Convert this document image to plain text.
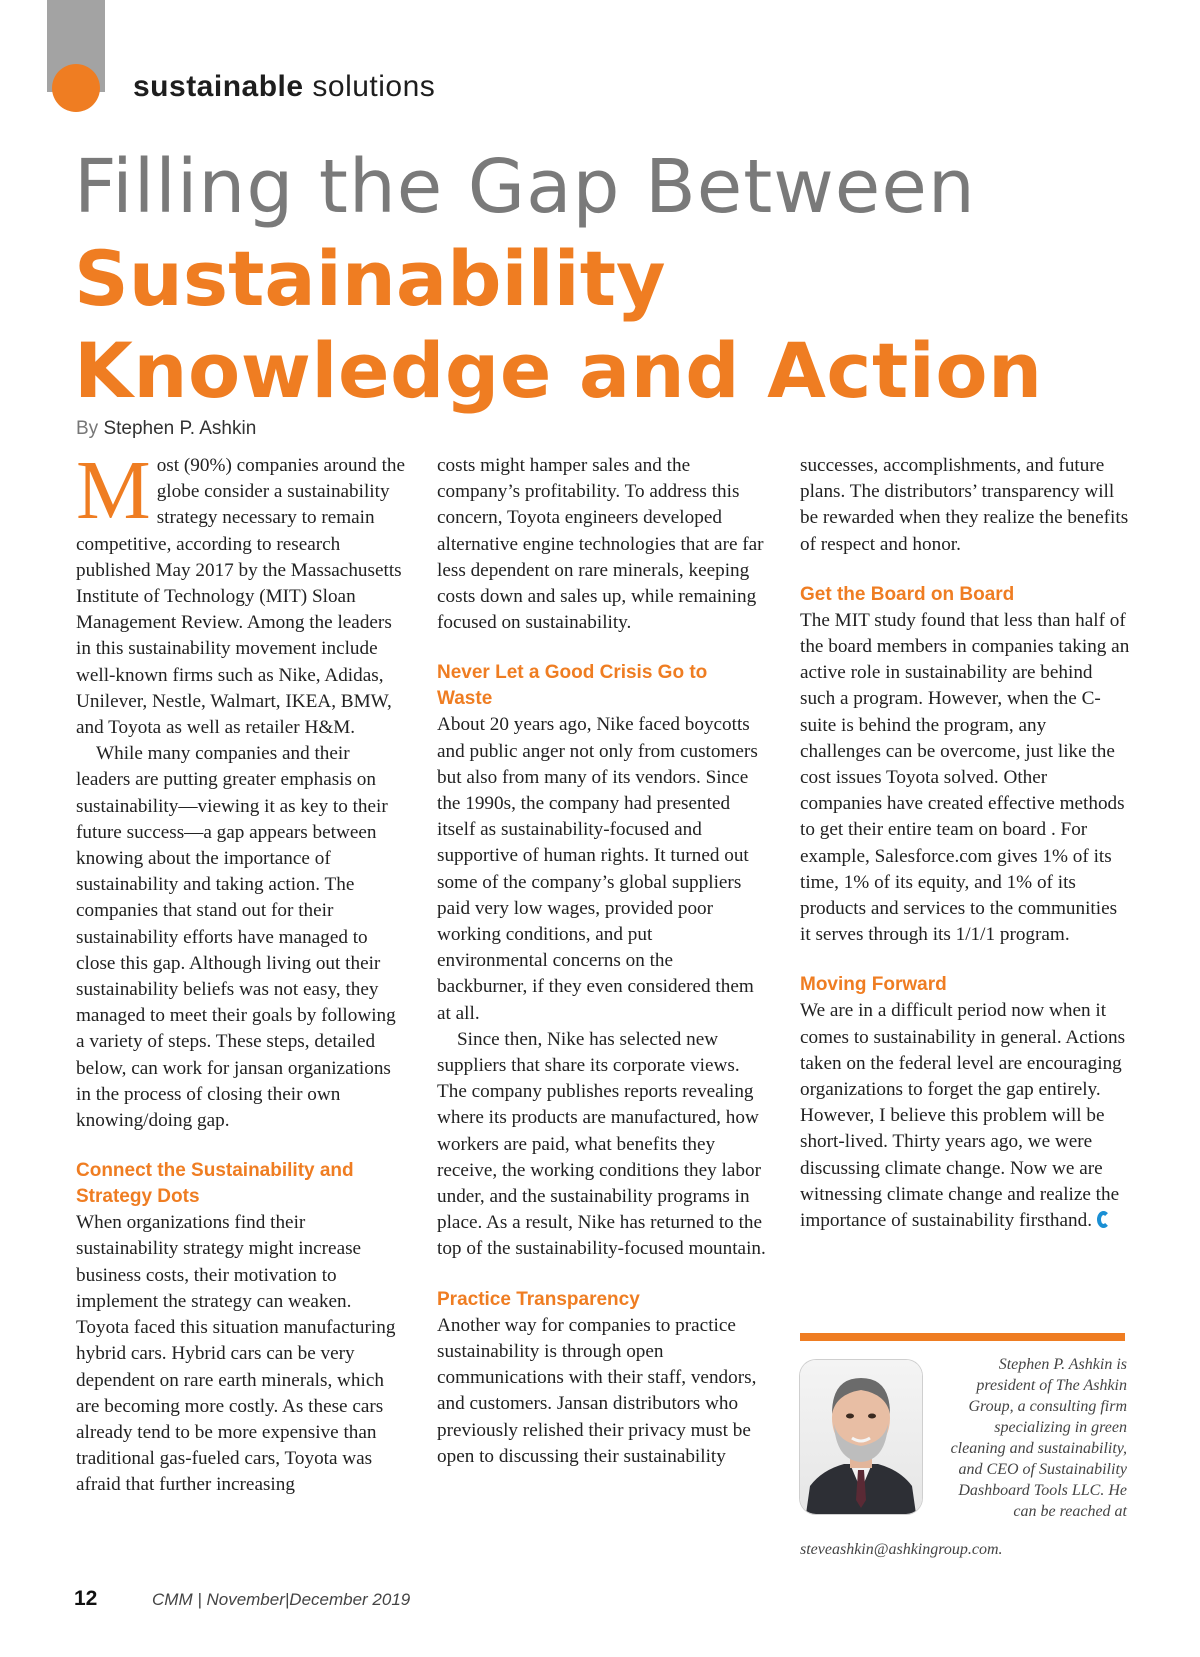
sustainable solutions
Filling the Gap Between
Sustainability
Knowledge and Action
By Stephen P. Ashkin

Most (90%) companies around the globe consider a sustainability strategy necessary to remain competitive, according to research published May 2017 by the Massachusetts Institute of Technology (MIT) Sloan Management Review. Among the leaders in this sustainability movement include well-known firms such as Nike, Adidas, Unilever, Nestle, Walmart, IKEA, BMW, and Toyota as well as retailer H&M.

While many companies and their leaders are putting greater emphasis on sustainability—viewing it as key to their future success—a gap appears between knowing about the importance of sustainability and taking action. The companies that stand out for their sustainability efforts have managed to close this gap. Although living out their sustainability beliefs was not easy, they managed to meet their goals by following a variety of steps. These steps, detailed below, can work for jansan organizations in the process of closing their own knowing/doing gap.

Connect the Sustainability and Strategy Dots

When organizations find their sustainability strategy might increase business costs, their motivation to implement the strategy can weaken. Toyota faced this situation manufacturing hybrid cars. Hybrid cars can be very dependent on rare earth minerals, which are becoming more costly. As these cars already tend to be more expensive than traditional gas-fueled cars, Toyota was afraid that further increasing

costs might hamper sales and the company’s profitability. To address this concern, Toyota engineers developed alternative engine technologies that are far less dependent on rare minerals, keeping costs down and sales up, while remaining focused on sustainability.

Never Let a Good Crisis Go to Waste

About 20 years ago, Nike faced boycotts and public anger not only from customers but also from many of its vendors. Since the 1990s, the company had presented itself as sustainability-focused and supportive of human rights. It turned out some of the company’s global suppliers paid very low wages, provided poor working conditions, and put environmental concerns on the backburner, if they even considered them at all.

Since then, Nike has selected new suppliers that share its corporate views. The company publishes reports revealing where its products are manufactured, how workers are paid, what benefits they receive, the working conditions they labor under, and the sustainability programs in place. As a result, Nike has returned to the top of the sustainability-focused mountain.

Practice Transparency

Another way for companies to practice sustainability is through open communications with their staff, vendors, and customers. Jansan distributors who previously relished their privacy must be open to discussing their sustainability

successes, accomplishments, and future plans. The distributors’ transparency will be rewarded when they realize the benefits of respect and honor.

Get the Board on Board

The MIT study found that less than half of the board members in companies taking an active role in sustainability are behind such a program. However, when the C-suite is behind the program, any challenges can be overcome, just like the cost issues Toyota solved. Other companies have created effective methods to get their entire team on board . For example, Salesforce.com gives 1% of its time, 1% of its equity, and 1% of its products and services to the communities it serves through its 1/1/1 program.

Moving Forward

We are in a difficult period now when it comes to sustainability in general. Actions taken on the federal level are encouraging organizations to forget the gap entirely. However, I believe this problem will be short-lived. Thirty years ago, we were discussing climate change. Now we are witnessing climate change and realize the importance of sustainability firsthand.

Stephen P. Ashkin is president of The Ashkin Group, a consulting firm specializing in green cleaning and sustainability, and CEO of Sustainability Dashboard Tools LLC. He can be reached at
steveashkin@ashkingroup.com.
12	CMM | November|December 2019
